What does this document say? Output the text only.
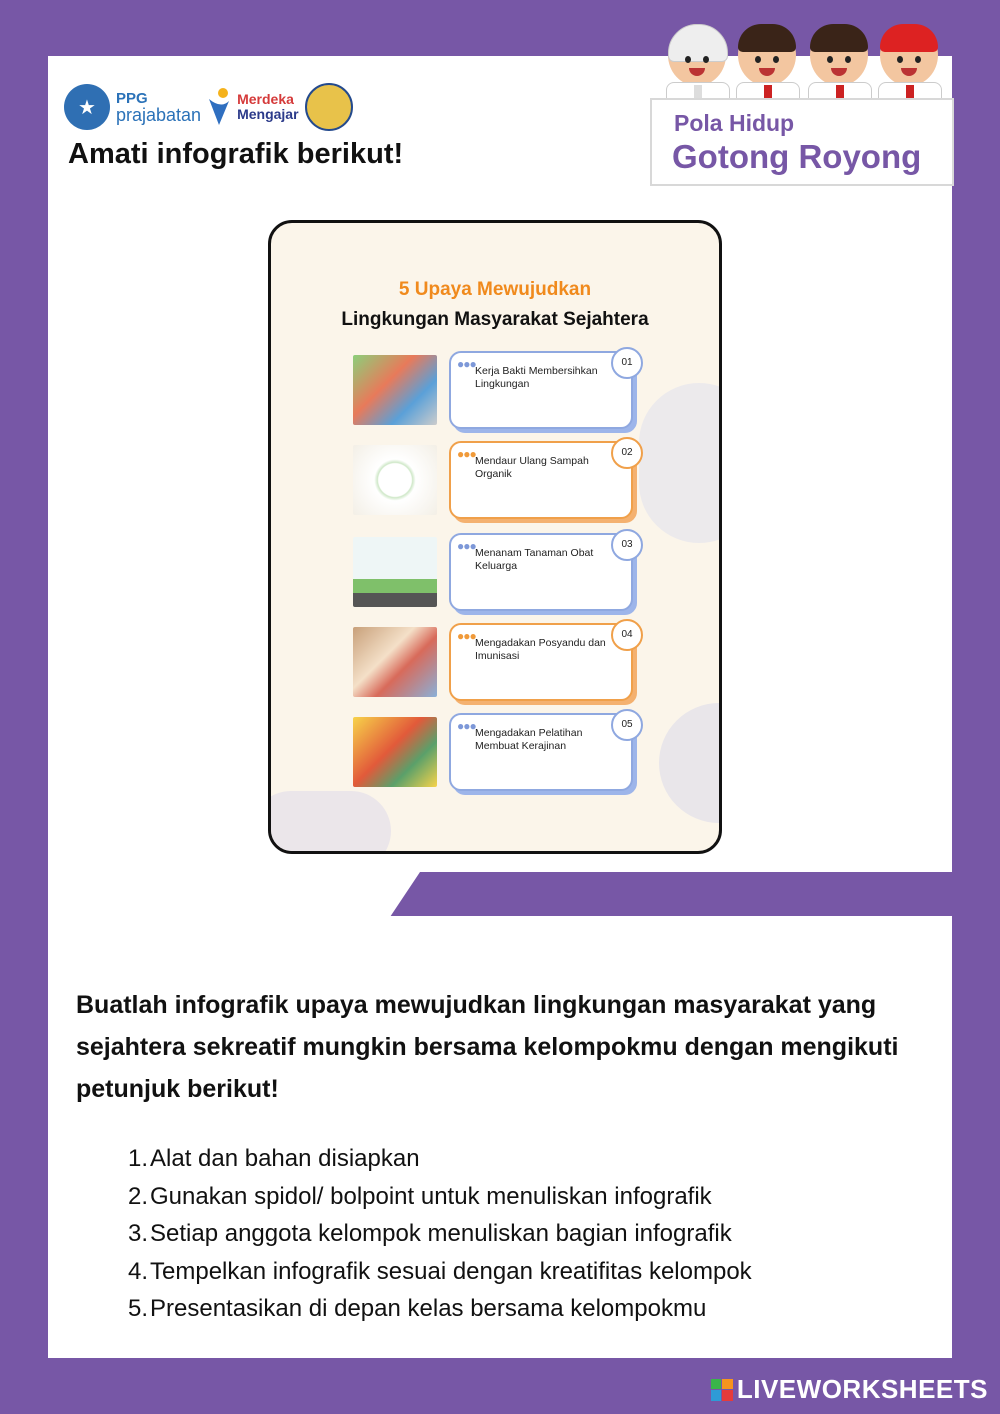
★	PPG
prajabatan
Merdeka
Mengajar
Amati infografik berikut!
Pola Hidup
Gotong Royong
5 Upaya Mewujudkan
Lingkungan Masyarakat Sejahtera
●●● Kerja Bakti Membersihkan Lingkungan
01
●●● Mendaur Ulang Sampah Organik
02
●●● Menanam Tanaman Obat Keluarga
03
●●● Mengadakan Posyandu dan Imunisasi
04
●●● Mengadakan Pelatihan Membuat Kerajinan
05
Buatlah infografik upaya mewujudkan lingkungan masyarakat yang sejahtera sekreatif mungkin bersama kelompokmu dengan mengikuti petunjuk berikut!
1. Alat dan bahan disiapkan
2. Gunakan spidol/ bolpoint untuk menuliskan infografik
3. Setiap anggota kelompok menuliskan bagian infografik
4. Tempelkan infografik sesuai dengan kreatifitas kelompok
5. Presentasikan di depan kelas bersama kelompokmu
LIVEWORKSHEETS
